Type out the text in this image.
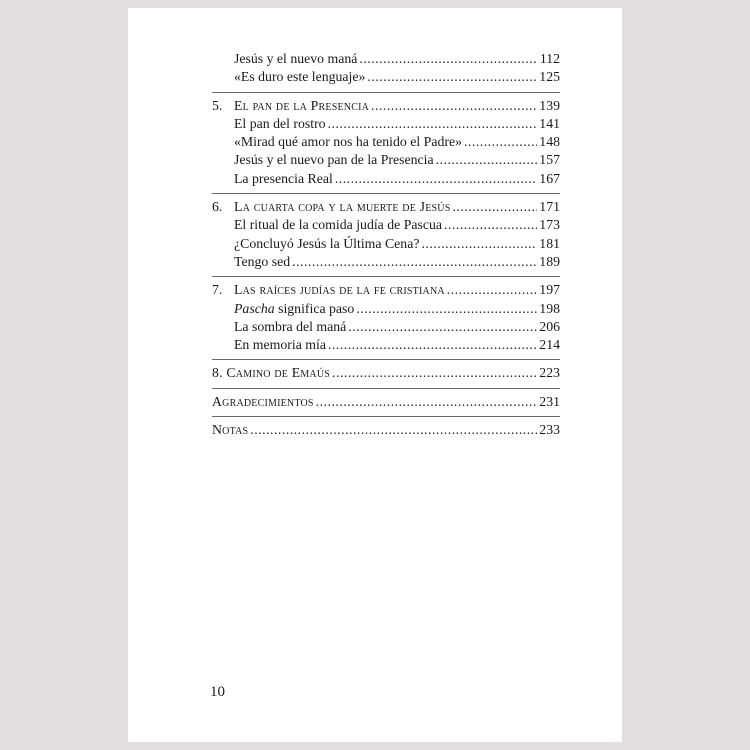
Jesús y el nuevo maná .....	112
«Es duro este lenguaje» .....	125
5. El pan de la Presencia .....	139
El pan del rostro .....	141
«Mirad qué amor nos ha tenido el Padre» .....	148
Jesús y el nuevo pan de la Presencia .....	157
La presencia Real .....	167
6. La cuarta copa y la muerte de Jesús .....	171
El ritual de la comida judía de Pascua .....	173
¿Concluyó Jesús la Última Cena? .....	181
Tengo sed .....	189
7. Las raíces judías de la fe cristiana .....	197
Pascha significa paso .....	198
La sombra del maná .....	206
En memoria mía .....	214
8. Camino de Emaús .....	223
Agradecimientos .....	231
Notas .....	233
10
